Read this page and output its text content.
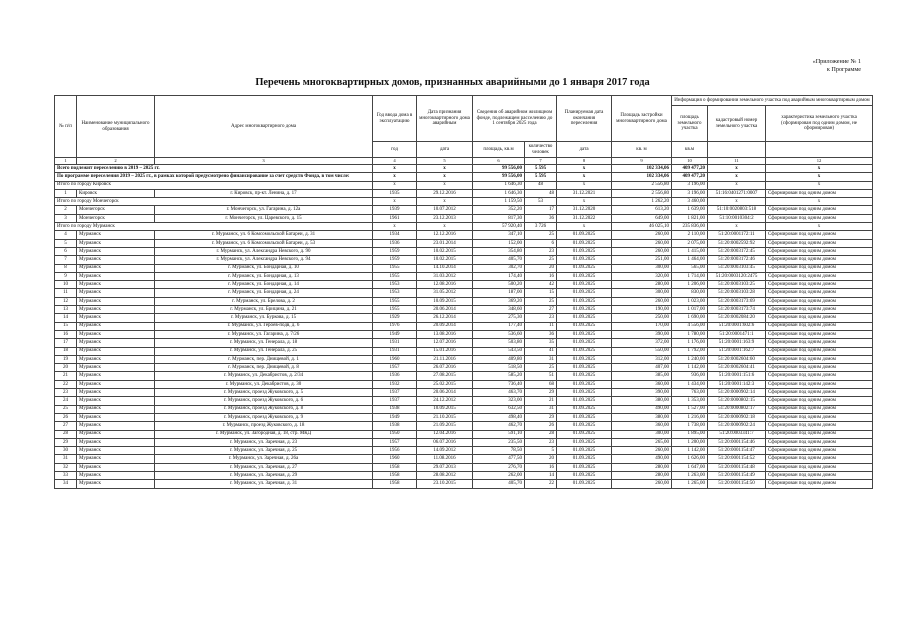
«Приложение № 1
к Программе
Перечень многоквартирных домов, признанных аварийными до 1 января 2017 года
№ п/п	Наименование муниципального образования	Адрес многоквартирного дома	Год ввода дома в эксплуатацию	Дата признания многоквартирного дома аварийным	Сведения об аварийном жилищном фонде, подлежащем расселению до 1 сентября 2025 года		Планируемая дата окончания переселения	Площадь застройки многоквартирного дома	Информация о формировании земельного участка под аварийным многоквартирным домом		
									площадь земельного участка	кадастровый номер земельного участка	характеристика земельного участка (сформирован под одним домом, не сформирован)
			год	дата	площадь, кв.м	количество человек	дата	кв. м	кв.м		
1	2	3	4	5	6	7	8	9	10	11	12
Всего подлежит переселению в 2019 – 2025 гг.			x	x	99 556,00	5 595	x	102 334,06	409 477,20	x	x
По программе переселения 2019 – 2025 гг., в рамках которой предусмотрено финансирование за счет средств Фонда, в том числе:			x	x	99 556,00	5 595	x	102 334,06	409 477,20	x	x
Итого по городу Кировск			x	x	1 646,30	48	x	2 556,80	3 196,00	x	x
1	Кировск	г. Кировск, пр-кт. Ленина, д. 17	1935	29.12.2016	1 646,30	48	31.12.2021	2 556,80	3 196,00	51:16:0401271:0007	Сформирован под одним домом
Итого по городу Мончегорск			x	x	1 159,50	53	x	1 262,20	3 460,00	x	x
2	Мончегорск	г. Мончегорск, ул. Гагарина, д. 12а	1939	10.07.2012	352,20	17	31.12.2020	613,20	1 639,00	51:10:0020803:518	Сформирован под одним домом
3	Мончегорск	г. Мончегорск, ул. Царевского, д. 15	1961	23.12.2013	817,30	36	31.12.2022	649,00	1 821,00	51:10:0010304:2	Сформирован под одним домом
Итого по городу Мурманск			x	x	57 920,40	3 726	x	46 025,10	235 836,00	x	x
4	Мурманск	г. Мурманск, ул. 6 Комсомольской Батареи, д. 31	1934	12.12.2016	347,10	25	01.09.2025	260,00	2 110,00	51:20:0001172:11	Сформирован под одним домом
5	Мурманск	г. Мурманск, ул. 6 Комсомольской Батареи, д. 53	1936	23.01.2014	152,00	6	01.09.2025	260,00	2 075,00	51:20:0002592:92	Сформирован под одним домом
6	Мурманск	г. Мурманск, ул. Александра Невского, д. 90	1959	10.02.2015	354,80	23	01.09.2025	260,00	1 415,00	51:20:0003172:45	Сформирован под одним домом
7	Мурманск	г. Мурманск, ул. Александра Невского, д. 94	1959	10.02.2015	405,70	25	01.09.2025	251,00	1 464,00	51:20:0003172:46	Сформирован под одним домом
8	Мурманск	г. Мурманск, ул. Бондарная, д. 10	1955	14.10.2014	302,70	20	01.09.2025	300,00	565,00	51:20:0003103:45	Сформирован под одним домом
9	Мурманск	г. Мурманск, ул. Бондарная, д. 13	1955	31.03.2012	174,40	16	01.09.2025	320,00	1 714,00	51:20:0003120:2475	Сформирован под одним домом
10	Мурманск	г. Мурманск, ул. Бондарная, д. 14	1953	12.08.2016	500,20	42	01.09.2025	280,00	1 206,00	51:20:0003103:25	Сформирован под одним домом
11	Мурманск	г. Мурманск, ул. Бондарная, д. 24	1953	31.05.2012	187,00	15	01.09.2025	300,00	830,00	51:20:0003103:28	Сформирован под одним домом
12	Мурманск	г. Мурманск, ул. Брелова, д. 2	1955	10.09.2015	369,20	25	01.09.2025	260,00	1 023,00	51:20:0003173:69	Сформирован под одним домом
13	Мурманск	г. Мурманск, ул. Брицина, д. 21	1955	20.06.2014	348,60	27	01.09.2025	190,00	1 017,00	51:20:0003173:74	Сформирован под одним домом
14	Мурманск	г. Мурманск, ул. Буркова, д. 15	1929	26.12.2014	275,30	23	01.09.2025	250,00	1 690,00	51:20:0002084:20	Сформирован под одним домом
15	Мурманск	г. Мурманск, ул. Героев-подв, д. 6	1976	20.09.2014	177,40	11	01.09.2025	170,00	4 556,00	51:20:0001:602:6	Сформирован под одним домом
16	Мурманск	г. Мурманск, ул. Гагарина, д. 7/26	1949	13.08.2016	536,60	36	01.09.2025	390,00	1 780,00	51:20:0001471:1	Сформирован под одним домом
17	Мурманск	г. Мурманск, ул. Генерала, д. 18	1931	12.07.2016	503,80	35	01.09.2025	372,00	1 176,00	51:20:0001:163:9	Сформирован под одним домом
18	Мурманск	г. Мурманск, ул. Генерала, д. 25	1931	15.01.2016	543,50	41	01.09.2025	550,00	1 792,00	51:20:0001:162:7	Сформирован под одним домом
19	Мурманск	г. Мурманск, пер. Днищевой, д. 1	1960	21.11.2016	409,80	31	01.09.2025	312,00	1 240,00	51:20:0002604:60	Сформирован под одним домом
20	Мурманск	г. Мурманск, пер. Днищевой, д. 8	1957	26.07.2016	518,50	25	01.09.2025	407,00	1 142,00	51:20:0002604:41	Сформирован под одним домом
21	Мурманск	г. Мурманск, ул. Декабристов, д. 2/34	1936	27.08.2015	585,20	51	01.09.2025	385,00	936,00	51:20:0001:151:6	Сформирован под одним домом
22	Мурманск	г. Мурманск, ул. Декабристов, д. 30	1932	25.02.2015	736,40	68	01.09.2025	360,00	1 434,00	51:20:0001:142:3	Сформирован под одним домом
23	Мурманск	г. Мурманск, проезд Жуковского, д. 5	1937	20.06.2014	463,70	29	01.09.2025	390,00	763,00	51:20:0000902:14	Сформирован под одним домом
24	Мурманск	г. Мурманск, проезд Жуковского, д. 6	1937	24.12.2012	323,00	21	01.09.2025	380,00	1 353,00	51:20:0000802:15	Сформирован под одним домом
25	Мурманск	г. Мурманск, проезд Жуковского, д. 8	1938	10.09.2015	632,50	31	01.09.2025	490,00	1 527,00	51:20:0000802:17	Сформирован под одним домом
26	Мурманск	г. Мурманск, проезд Жуковского, д. 9	1949	21.10.2015	498,40	29	01.09.2025	380,00	1 216,00	51:20:0000902:18	Сформирован под одним домом
27	Мурманск	г. Мурманск, проезд Жуковского, д. 18	1938	21.09.2015	462,70	26	01.09.2025	360,00	1 738,00	51:20:0000902:24	Сформирован под одним домом
28	Мурманск	г. Мурманск, ул. Загородная, д. 18, стр. МКД	1950	12.04.2016	591,10	28	01.09.2025	300,00	1 895,00	51:20:0003341:7	Сформирован под одним домом
29	Мурманск	г. Мурманск, ул. Заречная, д. 23	1957	06.07.2016	235,50	23	01.09.2025	265,00	1 200,00	51:20:0001154:46	Сформирован под одним домом
30	Мурманск	г. Мурманск, ул. Заречная, д. 25	1956	14.09.2012	78,50	5	01.09.2025	260,00	1 142,00	51:20:0001154:47	Сформирован под одним домом
31	Мурманск	г. Мурманск, ул. Заречная, д. 26а	1960	11.08.2016	477,50	20	01.09.2025	490,00	1 626,00	51:20:0001154:52	Сформирован под одним домом
32	Мурманск	г. Мурманск, ул. Заречная, д. 27	1958	29.07.2013	276,70	16	01.09.2025	280,00	1 647,00	51:20:0001154:48	Сформирован под одним домом
33	Мурманск	г. Мурманск, ул. Заречная, д. 29	1958	28.08.2012	262,00	14	01.09.2025	280,00	1 263,00	51:20:0001154:49	Сформирован под одним домом
34	Мурманск	г. Мурманск, ул. Заречная, д. 31	1958	23.10.2015	405,70	22	01.09.2025	260,00	1 265,00	51:20:0001154:50	Сформирован под одним домом
